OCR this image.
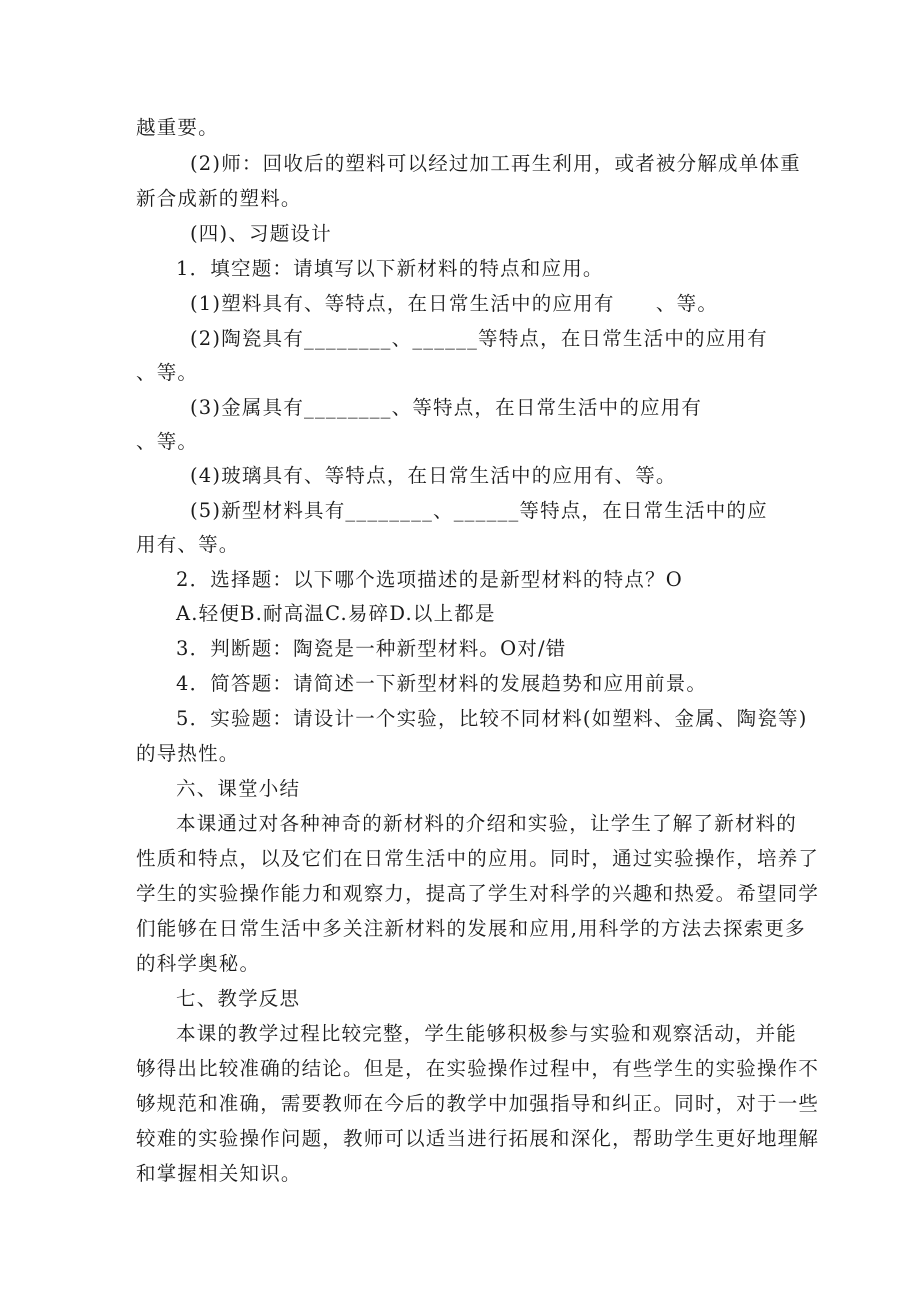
越重要。
(2)师：回收后的塑料可以经过加工再生利用，或者被分解成单体重
新合成新的塑料。
(四)、习题设计
1．填空题：请填写以下新材料的特点和应用。
(1)塑料具有、等特点，在日常生活中的应用有　　、等。
(2)陶瓷具有________、______等特点，在日常生活中的应用有
、等。
(3)金属具有________、等特点，在日常生活中的应用有
、等。
(4)玻璃具有、等特点，在日常生活中的应用有、等。
(5)新型材料具有________、______等特点，在日常生活中的应
用有、等。
2．选择题：以下哪个选项描述的是新型材料的特点？O
A.轻便B.耐高温C.易碎D.以上都是
3．判断题：陶瓷是一种新型材料。O对/错
4．简答题：请简述一下新型材料的发展趋势和应用前景。
5．实验题：请设计一个实验，比较不同材料(如塑料、金属、陶瓷等)
的导热性。
六、课堂小结
本课通过对各种神奇的新材料的介绍和实验，让学生了解了新材料的
性质和特点，以及它们在日常生活中的应用。同时，通过实验操作，培养了
学生的实验操作能力和观察力，提高了学生对科学的兴趣和热爱。希望同学
们能够在日常生活中多关注新材料的发展和应用,用科学的方法去探索更多
的科学奥秘。
七、教学反思
本课的教学过程比较完整，学生能够积极参与实验和观察活动，并能
够得出比较准确的结论。但是，在实验操作过程中，有些学生的实验操作不
够规范和准确，需要教师在今后的教学中加强指导和纠正。同时，对于一些
较难的实验操作问题，教师可以适当进行拓展和深化，帮助学生更好地理解
和掌握相关知识。
